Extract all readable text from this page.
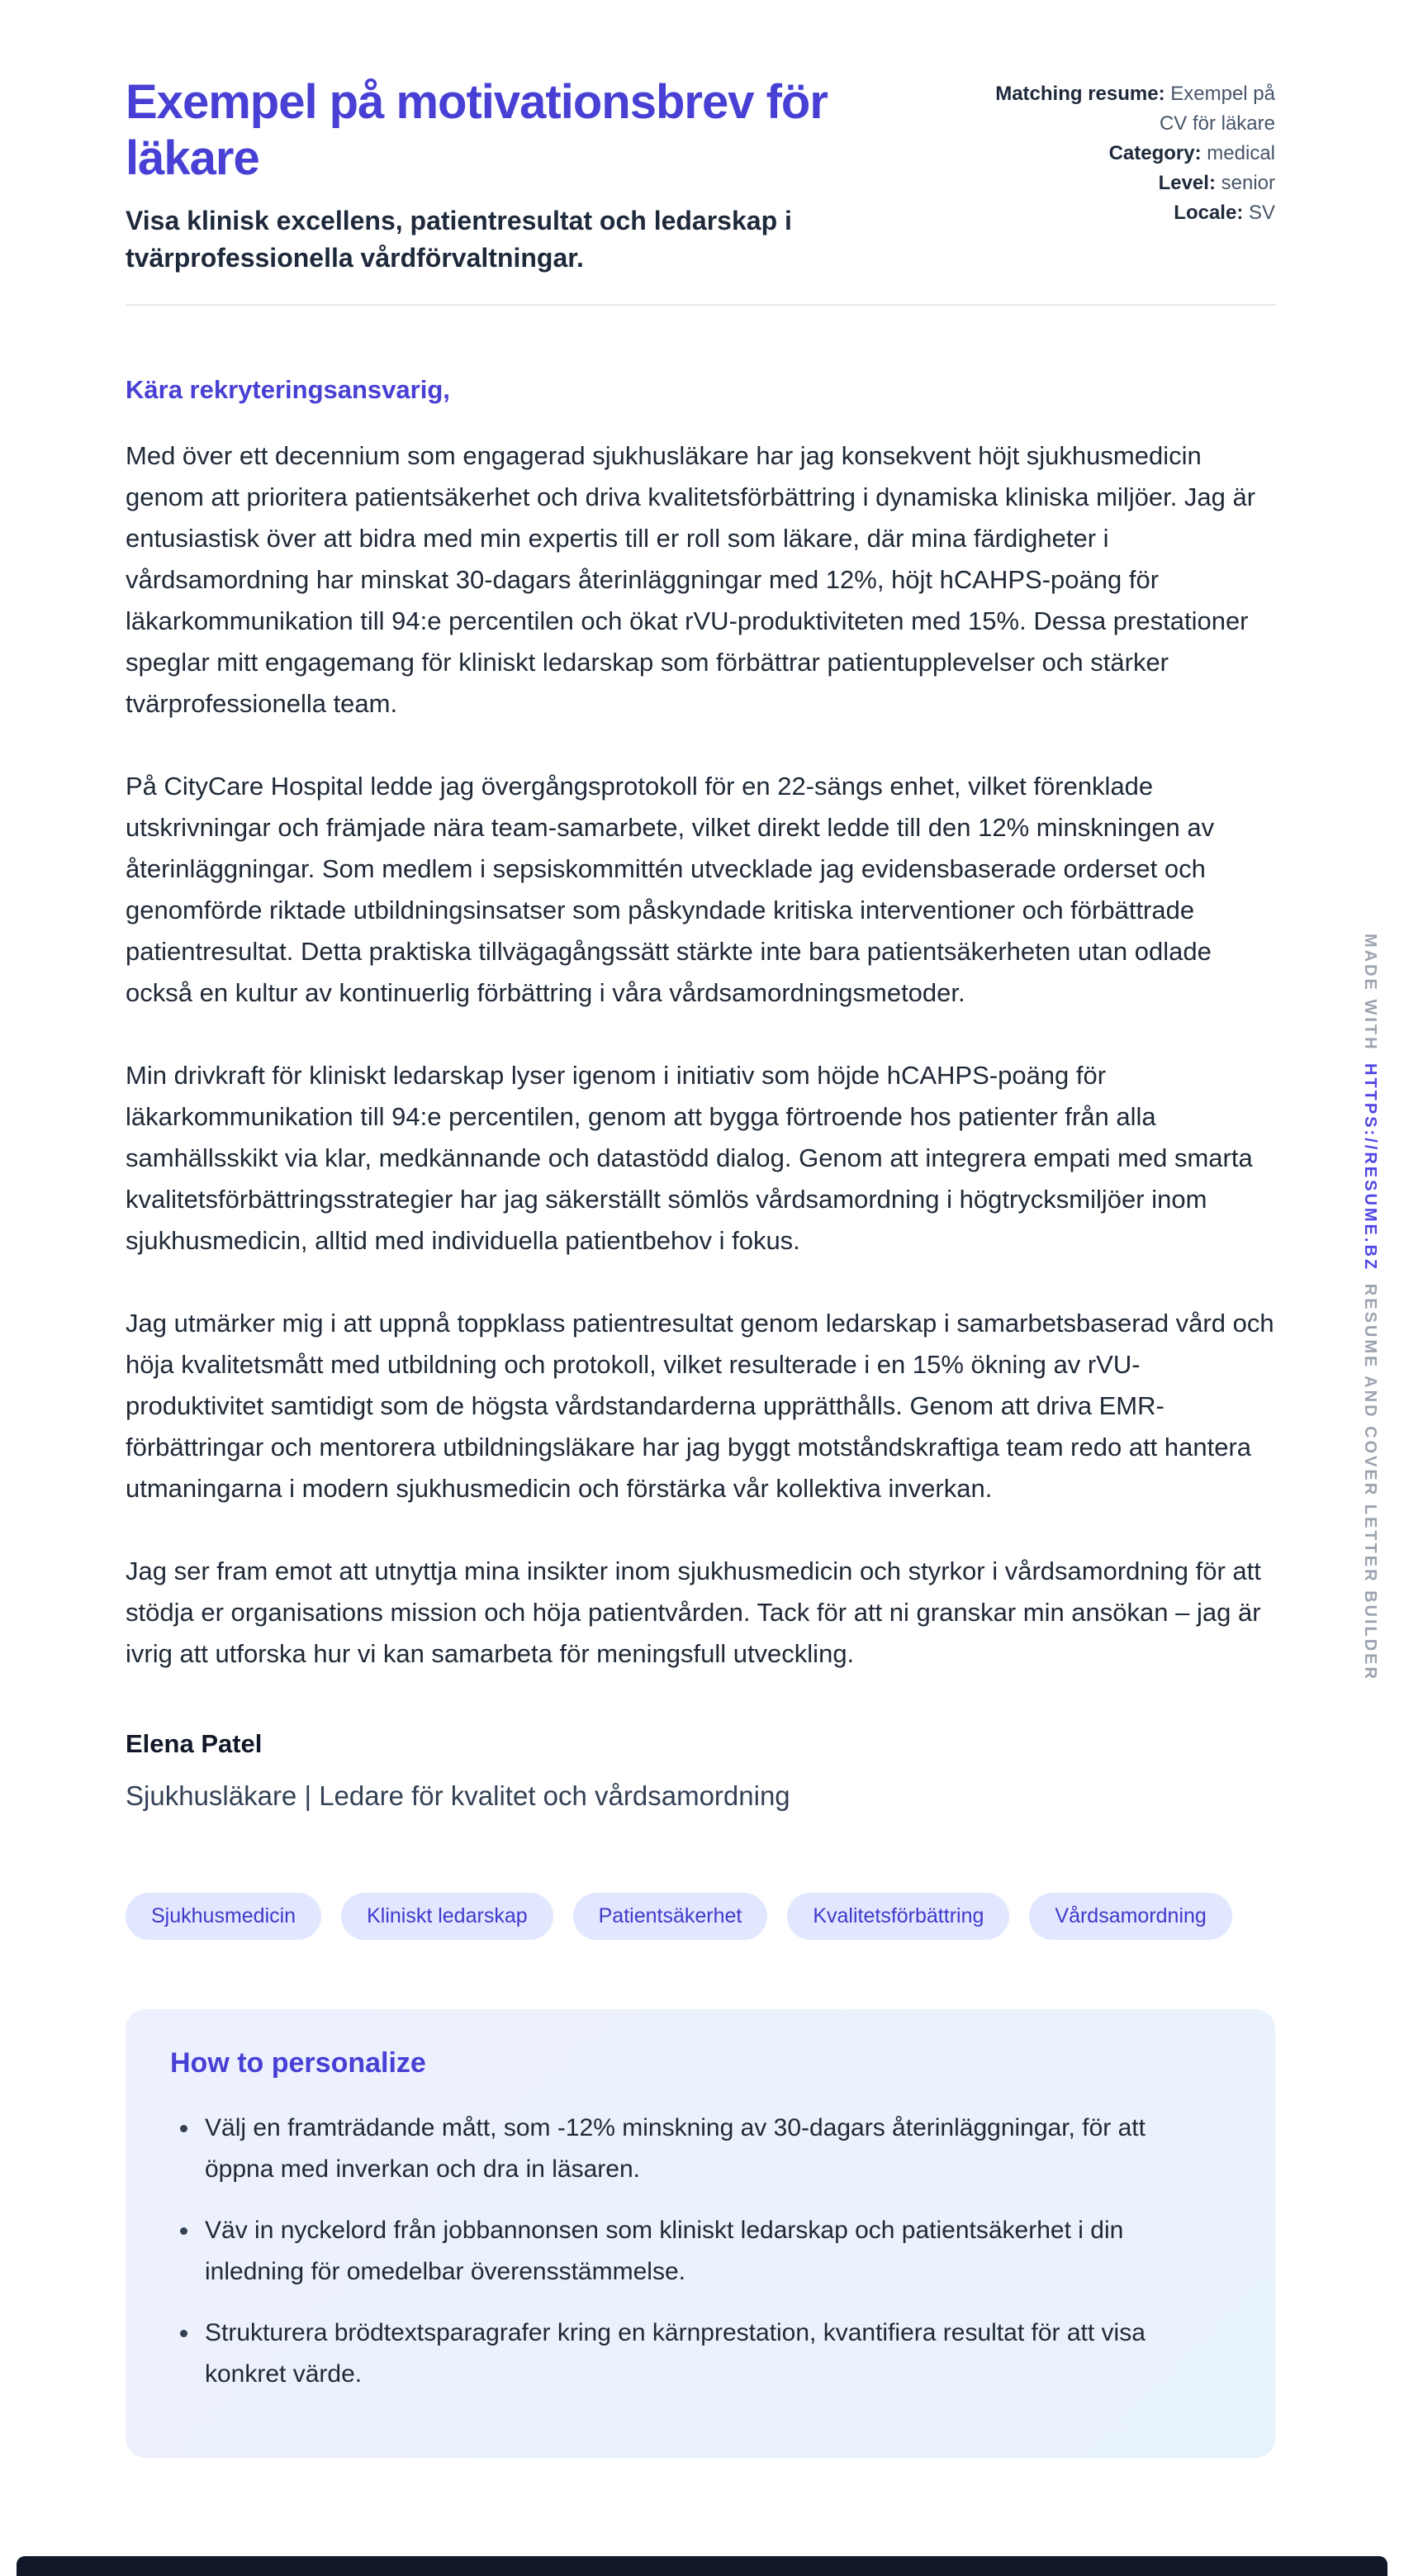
Exempel på motivationsbrev för läkare

Visa klinisk excellens, patientresultat och ledarskap i tvärprofessionella vårdförvaltningar.

Matching resume: Exempel på CV för läkare
Category: medical
Level: senior
Locale: SV

Kära rekryteringsansvarig,

Med över ett decennium som engagerad sjukhusläkare har jag konsekvent höjt sjukhusmedicin genom att prioritera patientsäkerhet och driva kvalitetsförbättring i dynamiska kliniska miljöer. Jag är entusiastisk över att bidra med min expertis till er roll som läkare, där mina färdigheter i vårdsamordning har minskat 30-dagars återinläggningar med 12%, höjt hCAHPS-poäng för läkarkommunikation till 94:e percentilen och ökat rVU-produktiviteten med 15%. Dessa prestationer speglar mitt engagemang för kliniskt ledarskap som förbättrar patientupplevelser och stärker tvärprofessionella team.

På CityCare Hospital ledde jag övergångsprotokoll för en 22-sängs enhet, vilket förenklade utskrivningar och främjade nära team-samarbete, vilket direkt ledde till den 12% minskningen av återinläggningar. Som medlem i sepsiskommittén utvecklade jag evidensbaserade orderset och genomförde riktade utbildningsinsatser som påskyndade kritiska interventioner och förbättrade patientresultat. Detta praktiska tillvägagångssätt stärkte inte bara patientsäkerheten utan odlade också en kultur av kontinuerlig förbättring i våra vårdsamordningsmetoder.

Min drivkraft för kliniskt ledarskap lyser igenom i initiativ som höjde hCAHPS-poäng för läkarkommunikation till 94:e percentilen, genom att bygga förtroende hos patienter från alla samhällsskikt via klar, medkännande och datastödd dialog. Genom att integrera empati med smarta kvalitetsförbättringsstrategier har jag säkerställt sömlös vårdsamordning i högtrycksmiljöer inom sjukhusmedicin, alltid med individuella patientbehov i fokus.

Jag utmärker mig i att uppnå toppklass patientresultat genom ledarskap i samarbetsbaserad vård och höja kvalitetsmått med utbildning och protokoll, vilket resulterade i en 15% ökning av rVU-produktivitet samtidigt som de högsta vårdstandarderna upprätthålls. Genom att driva EMR-förbättringar och mentorera utbildningsläkare har jag byggt motståndskraftiga team redo att hantera utmaningarna i modern sjukhusmedicin och förstärka vår kollektiva inverkan.

Jag ser fram emot att utnyttja mina insikter inom sjukhusmedicin och styrkor i vårdsamordning för att stödja er organisations mission och höja patientvården. Tack för att ni granskar min ansökan – jag är ivrig att utforska hur vi kan samarbeta för meningsfull utveckling.

Elena Patel

Sjukhusläkare | Ledare för kvalitet och vårdsamordning

Sjukhusmedicin	Kliniskt ledarskap	Patientsäkerhet	Kvalitetsförbättring	Vårdsamordning
How to personalize
Välj en framträdande mått, som -12% minskning av 30-dagars återinläggningar, för att öppna med inverkan och dra in läsaren.
Väv in nyckelord från jobbannonsen som kliniskt ledarskap och patientsäkerhet i din inledning för omedelbar överensstämmelse.
Strukturera brödtextsparagrafer kring en kärnprestation, kvantifiera resultat för att visa konkret värde.
MADE WITH HTTPS://RESUME.BZ RESUME AND COVER LETTER BUILDER
